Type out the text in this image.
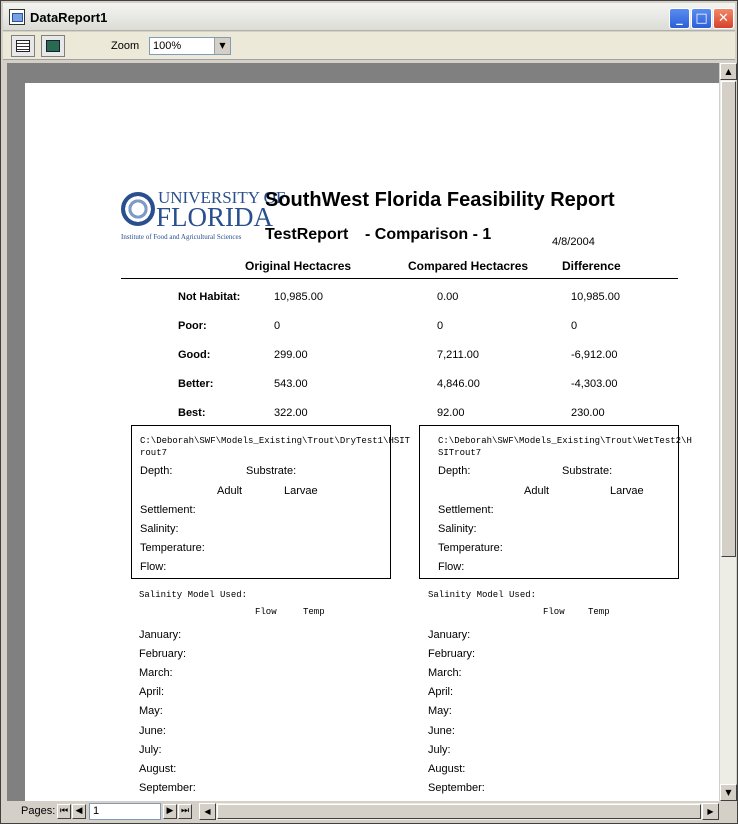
DataReport1	_ □ ✕
Zoom	100%	▼
UNIVERSITY OF
FLORIDA
Institute of Food and Agricultural Sciences
SouthWest Florida Feasibility Report
TestReport - Comparison - 1	4/8/2004
Original Hectacres	Compared Hectacres	Difference
Not Habitat:	10,985.00	0.00	10,985.00
Poor:	0	0	0
Good:	299.00	7,211.00	-6,912.00
Better:	543.00	4,846.00	-4,303.00
Best:	322.00	92.00	230.00
C:\Deborah\SWF\Models_Existing\Trout\DryTest1\HSIT
rout7
Depth:	Substrate:
Adult	Larvae
Settlement:
Salinity:
Temperature:
Flow:
C:\Deborah\SWF\Models_Existing\Trout\WetTest2\H
SITrout7
Depth:	Substrate:
Adult	Larvae
Settlement:
Salinity:
Temperature:
Flow:
Salinity Model Used:
Flow	Temp
January:
February:
March:
April:
May:
June:
July:
August:
September:
Salinity Model Used:
Flow	Temp
January:
February:
March:
April:
May:
June:
July:
August:
September:
▲
▼
Pages: ⏮ ◀ 1	▶ ⏭	◀	▶
